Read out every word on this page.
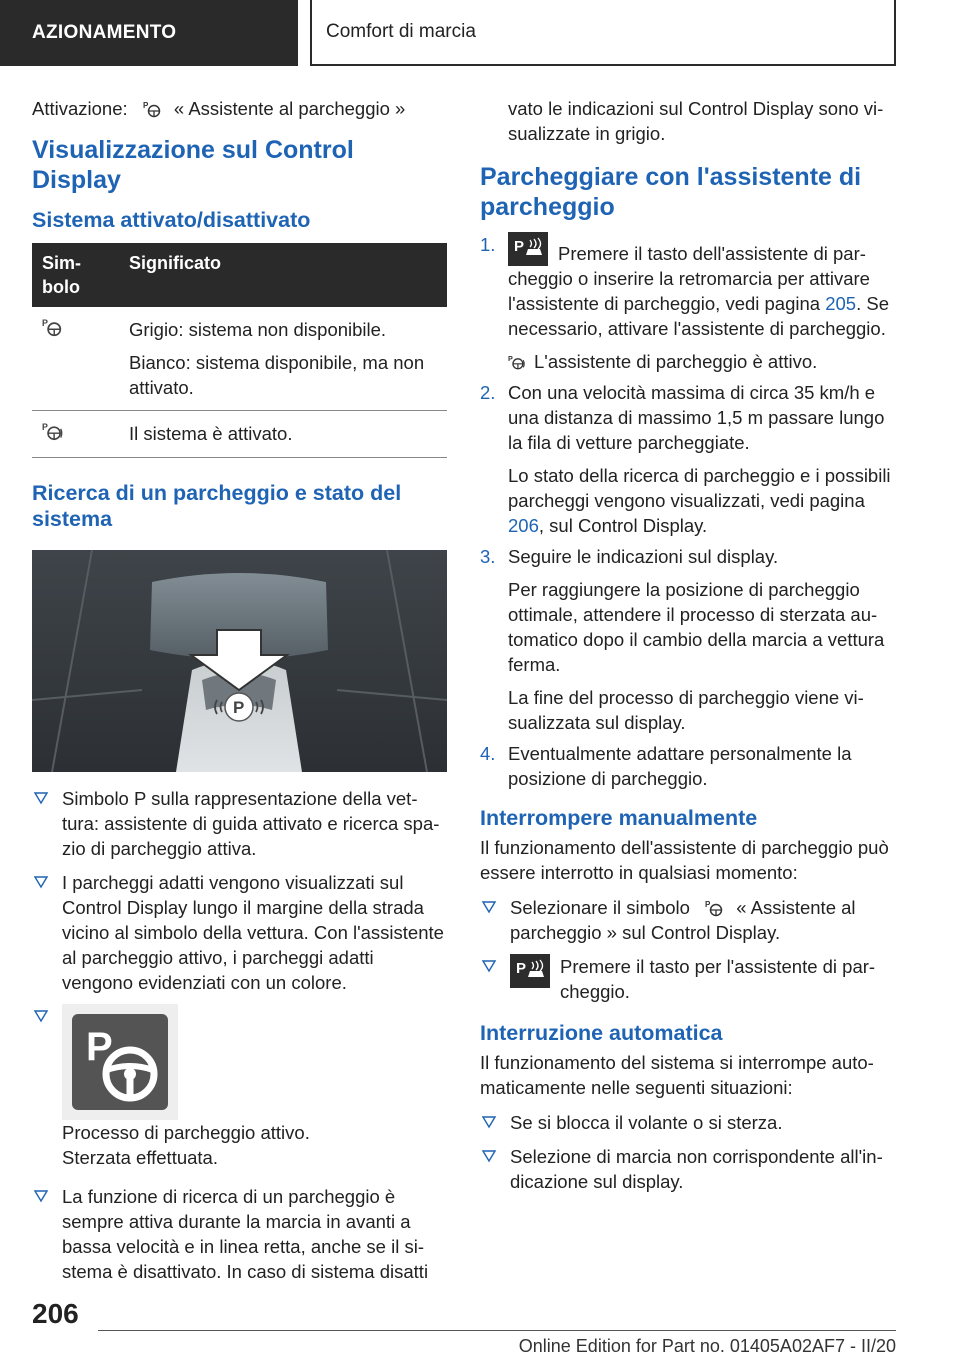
AZIONAMENTO	Comfort di marcia

Attivazione: P « Assistente al parcheggio »

Visualizzazione sul Control Display
Sistema attivato/disattivato
Sim-bolo	Significato

P	Grigio: sistema non disponibile.

Bianco: sistema disponibile, ma non attivato.

P	Il sistema è attivato.
Ricerca di un parcheggio e stato del sistema
P
Simbolo P sulla rappresentazione della vettura: assistente di guida attivato e ricerca spazio di parcheggio attiva.
I parcheggi adatti vengono visualizzati sul Control Display lungo il margine della strada vicino al simbolo della vettura. Con l'assistente al parcheggio attivo, i parcheggi adatti vengono evidenziati con un colore.
P
Processo di parcheggio attivo. Sterzata effettuata.
La funzione di ricerca di un parcheggio è sempre attiva durante la marcia in avanti a bassa velocità e in linea retta, anche se il sistema è disattivato. In caso di sistema disatti

vato le indicazioni sul Control Display sono visualizzate in grigio.

Parcheggiare con l'assistente di parcheggio
1. P Premere il tasto dell'assistente di parcheggio o inserire la retromarcia per attivare l'assistente di parcheggio, vedi pagina 205. Se necessario, attivare l'assistente di parcheggio.

P L'assistente di parcheggio è attivo.

2. Con una velocità massima di circa 35 km/h e una distanza di massimo 1,5 m passare lungo la fila di vetture parcheggiate.

Lo stato della ricerca di parcheggio e i possibili parcheggi vengono visualizzati, vedi pagina 206, sul Control Display.

3. Seguire le indicazioni sul display.

Per raggiungere la posizione di parcheggio ottimale, attendere il processo di sterzata automatico dopo il cambio della marcia a vettura ferma.

La fine del processo di parcheggio viene visualizzata sul display.

4. Eventualmente adattare personalmente la posizione di parcheggio.

Interrompere manualmente

Il funzionamento dell'assistente di parcheggio può essere interrotto in qualsiasi momento:

Selezionare il simbolo P « Assistente al parcheggio » sul Control Display.
P Premere il tasto per l'assistente di parcheggio.
Interruzione automatica

Il funzionamento del sistema si interrompe automaticamente nelle seguenti situazioni:

Se si blocca il volante o si sterza.
Selezione di marcia non corrispondente all'indicazione sul display.
206
Online Edition for Part no. 01405A02AF7 - II/20
